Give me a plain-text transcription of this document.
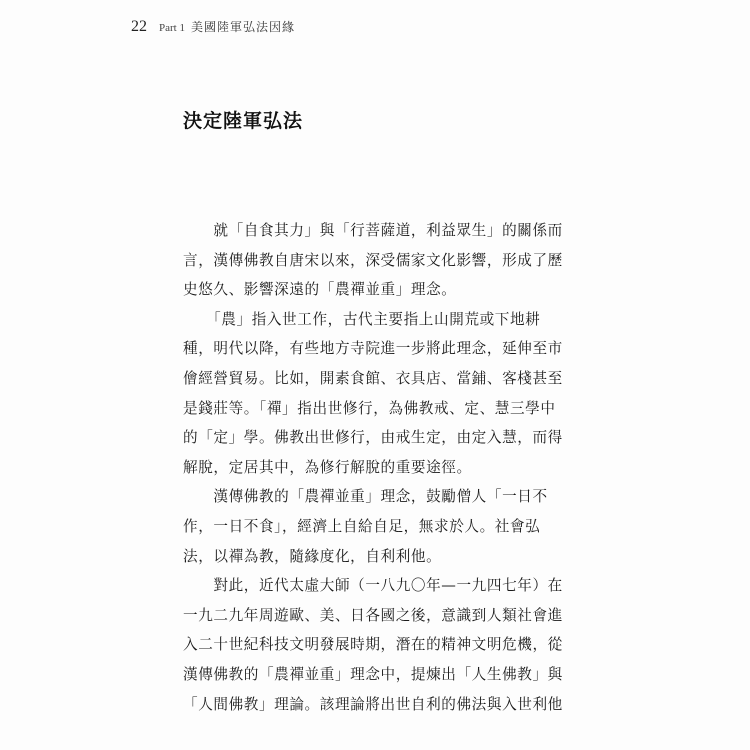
22 Part 1 美國陸軍弘法因緣
決定陸軍弘法
　　就「自食其力」與「行菩薩道，利益眾生」的關係而
言，漢傳佛教自唐宋以來，深受儒家文化影響，形成了歷
史悠久、影響深遠的「農禪並重」理念。
　　「農」指入世工作，古代主要指上山開荒或下地耕
種，明代以降，有些地方寺院進一步將此理念，延伸至市
儈經營貿易。比如，開素食館、衣具店、當鋪、客棧甚至
是錢莊等。「禪」指出世修行，為佛教戒、定、慧三學中
的「定」學。佛教出世修行，由戒生定，由定入慧，而得
解脫，定居其中，為修行解脫的重要途徑。
　　漢傳佛教的「農禪並重」理念，鼓勵僧人「一日不
作，一日不食」，經濟上自給自足，無求於人。社會弘
法，以禪為教，隨緣度化，自利利他。
　　對此，近代太虛大師（一八九〇年—一九四七年）在
一九二九年周遊歐、美、日各國之後，意識到人類社會進
入二十世紀科技文明發展時期，潛在的精神文明危機，從
漢傳佛教的「農禪並重」理念中，提煉出「人生佛教」與
「人間佛教」理論。該理論將出世自利的佛法與入世利他
